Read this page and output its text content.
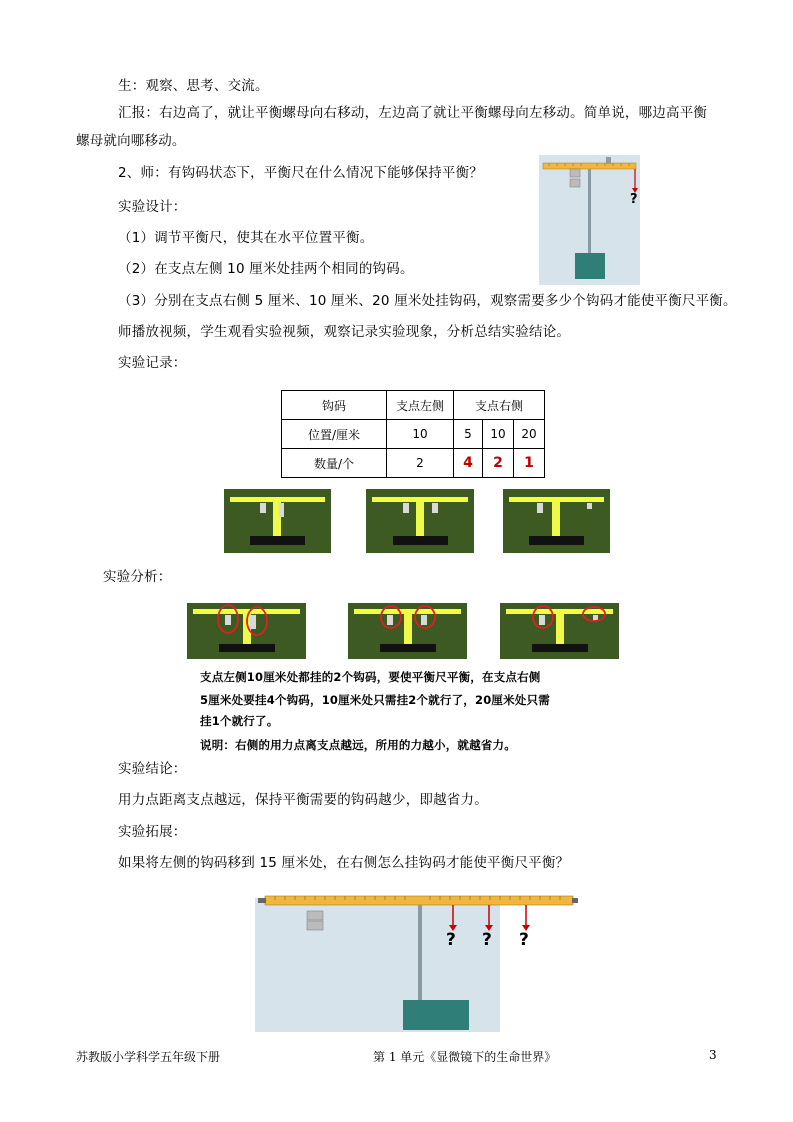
生：观察、思考、交流。
汇报：右边高了，就让平衡螺母向右移动，左边高了就让平衡螺母向左移动。简单说，哪边高平衡
螺母就向哪移动。
2、师：有钩码状态下，平衡尺在什么情况下能够保持平衡？
实验设计：
（1）调节平衡尺，使其在水平位置平衡。
（2）在支点左侧 10 厘米处挂两个相同的钩码。
（3）分别在支点右侧 5 厘米、10 厘米、20 厘米处挂钩码，观察需要多少个钩码才能使平衡尺平衡。
师播放视频，学生观看实验视频，观察记录实验现象，分析总结实验结论。
实验记录：
?
钩码	支点左侧	支点右侧		
位置/厘米	10	5	10	20
数量/个	2	4	2	1
实验分析：
支点左侧10厘米处都挂的2个钩码，要使平衡尺平衡，在支点右侧
5厘米处要挂4个钩码，10厘米处只需挂2个就行了，20厘米处只需
挂1个就行了。
说明：右侧的用力点离支点越远，所用的力越小，就越省力。
实验结论：
用力点距离支点越远，保持平衡需要的钩码越少，即越省力。
实验拓展：
如果将左侧的钩码移到 15 厘米处，在右侧怎么挂钩码才能使平衡尺平衡？
? ? ?
苏教版小学科学五年级下册	第 1 单元《显微镜下的生命世界》	3
